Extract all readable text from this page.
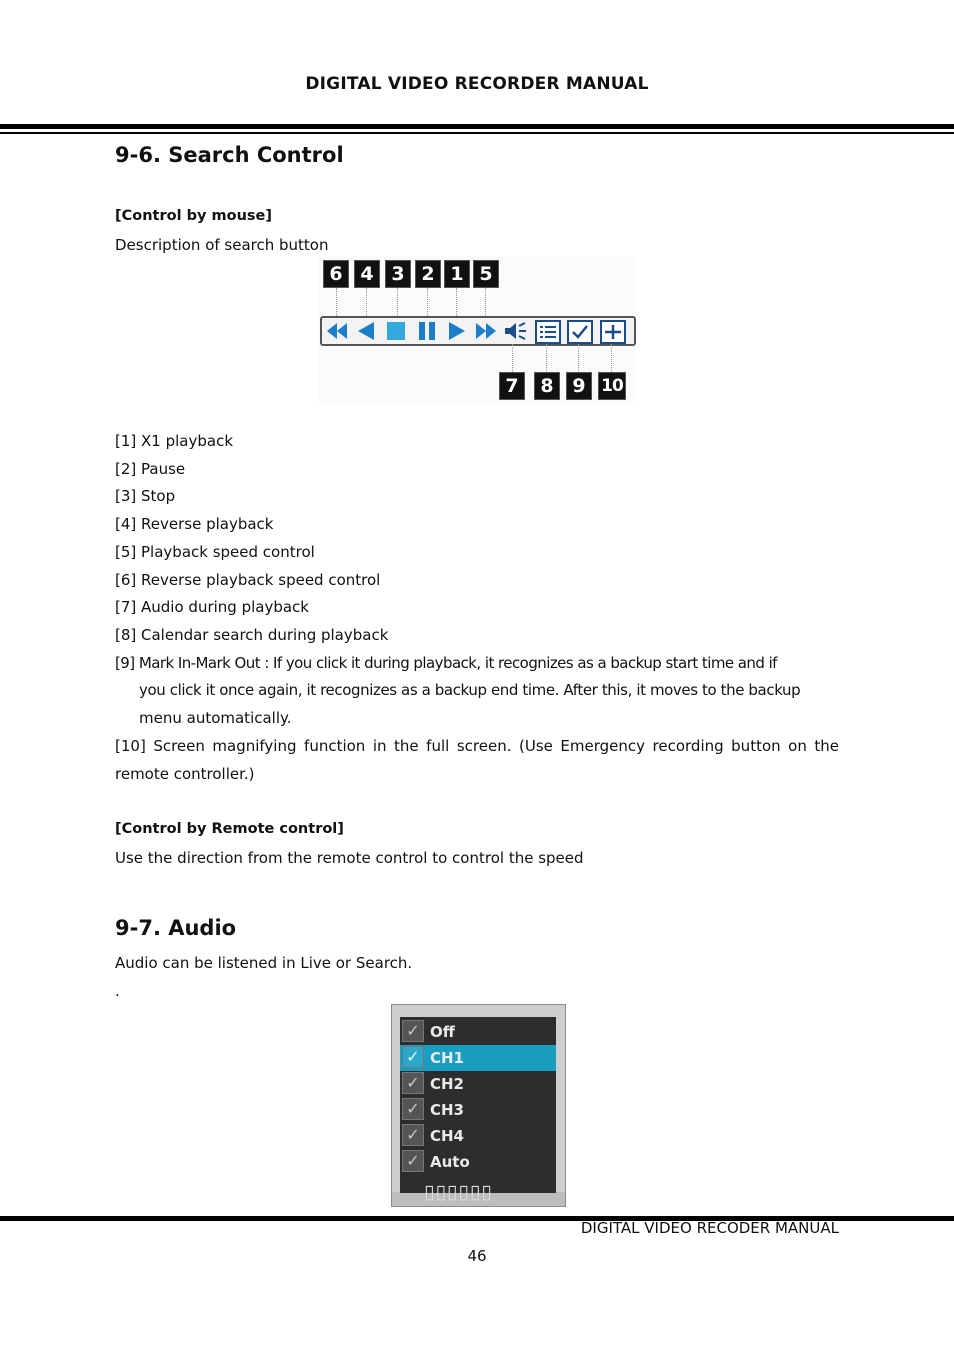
DIGITAL VIDEO RECORDER MANUAL
9-6. Search Control
[Control by mouse]
Description of search button
6 4 3 2 1 5
7	8 9 10
[1] X1 playback
[2] Pause
[3] Stop
[4] Reverse playback
[5] Playback speed control
[6] Reverse playback speed control
[7] Audio during playback
[8] Calendar search during playback
[9] Mark In-Mark Out : If you click it during playback, it recognizes as a backup start time and if
you click it once again, it recognizes as a backup end time. After this, it moves to the backup
menu automatically.
[10] Screen magnifying function in the full screen. (Use Emergency recording button on the
remote controller.)
[Control by Remote control]
Use the direction from the remote control to control the speed
9-7. Audio
Audio can be listened in Live or Search.
.
✓ Off
✓ CH1
✓ CH2
✓ CH3
✓ CH4
✓ Auto
▯▯▯▯▯▯
DIGITAL VIDEO RECODER MANUAL
46
